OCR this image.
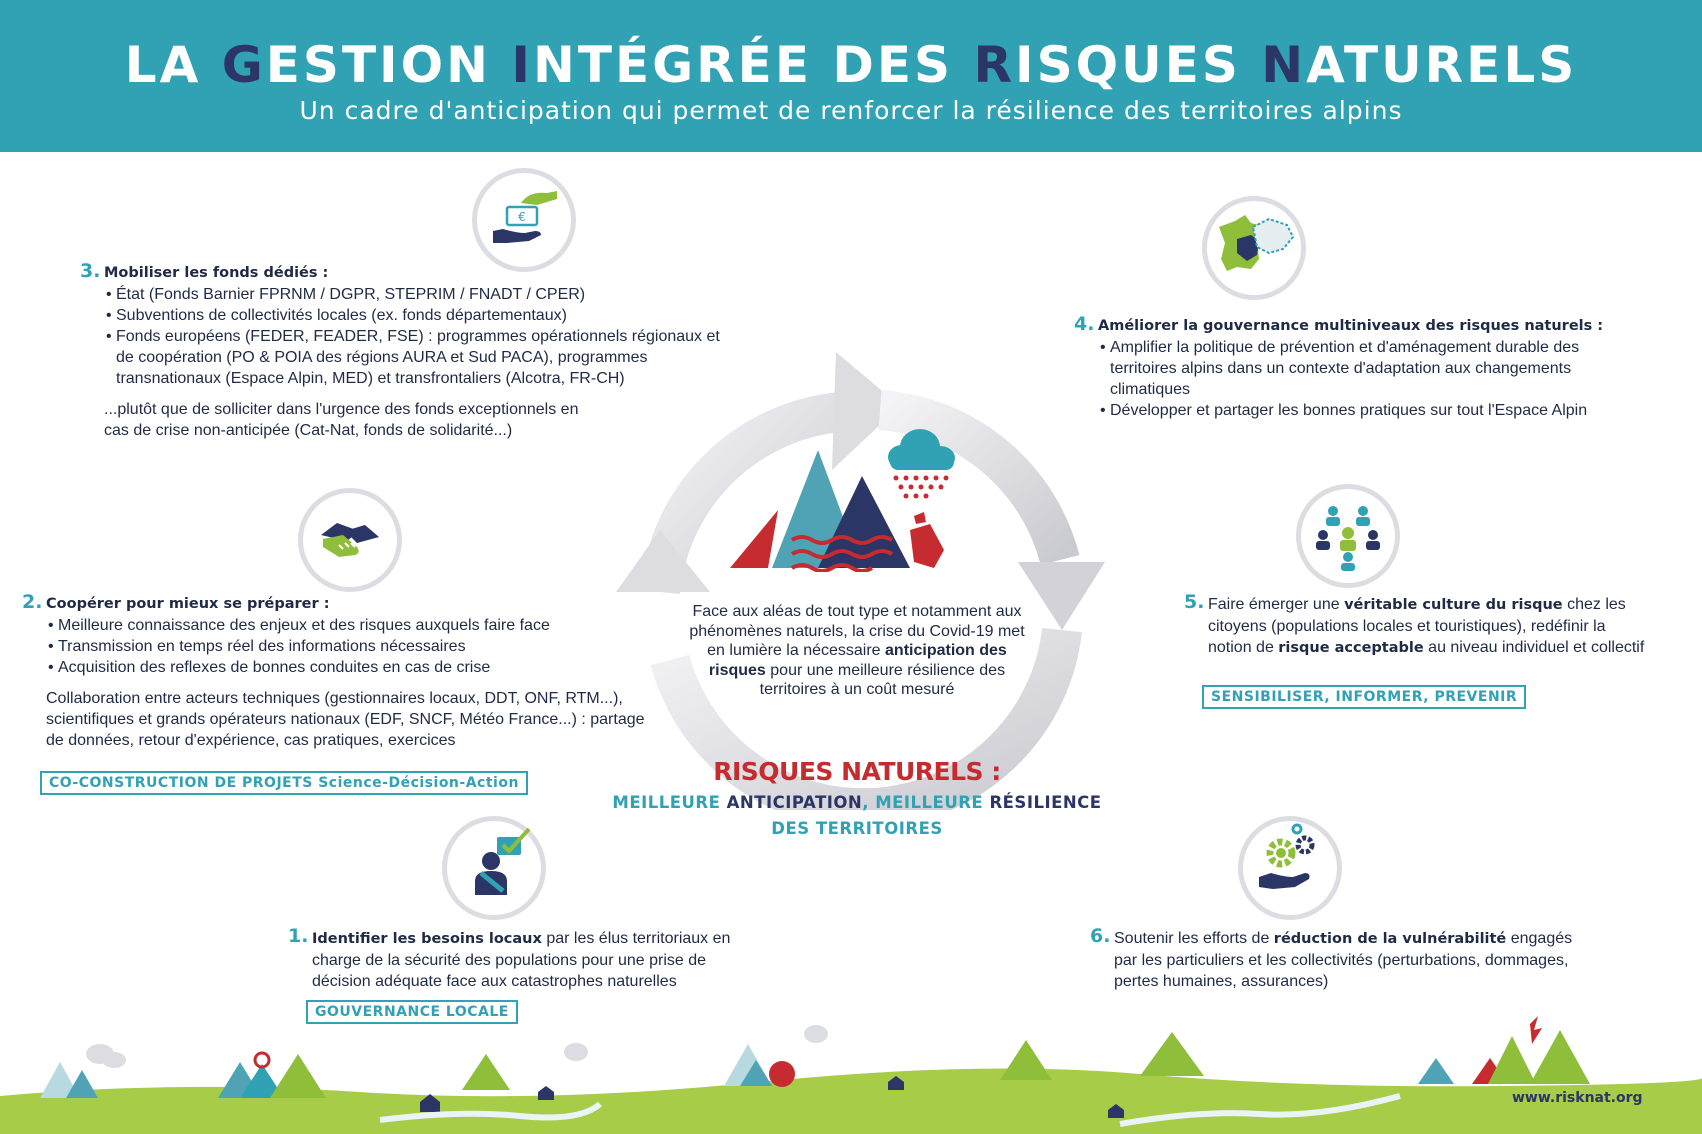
LA GESTION INTÉGRÉE DES RISQUES NATURELS
Un cadre d'anticipation qui permet de renforcer la résilience des territoires alpins
Face aux aléas de tout type et notamment aux phénomènes naturels, la crise du Covid-19 met en lumière la nécessaire anticipation des risques pour une meilleure résilience des territoires à un coût mesuré
RISQUES NATURELS :
MEILLEURE ANTICIPATION, MEILLEURE RÉSILIENCE
DES TERRITOIRES
€
3. Mobiliser les fonds dédiés :
• État (Fonds Barnier FPRNM / DGPR, STEPRIM / FNADT / CPER)
• Subventions de collectivités locales (ex. fonds départementaux)
• Fonds européens (FEDER, FEADER, FSE) : programmes opérationnels régionaux et de coopération (PO & POIA des régions AURA et Sud PACA), programmes transnationaux (Espace Alpin, MED) et transfrontaliers (Alcotra, FR-CH)

...plutôt que de solliciter dans l'urgence des fonds exceptionnels en cas de crise non-anticipée (Cat-Nat, fonds de solidarité...)

2. Coopérer pour mieux se préparer :
• Meilleure connaissance des enjeux et des risques auxquels faire face
• Transmission en temps réel des informations nécessaires
• Acquisition des reflexes de bonnes conduites en cas de crise

Collaboration entre acteurs techniques (gestionnaires locaux, DDT, ONF, RTM...), scientifiques et grands opérateurs nationaux (EDF, SNCF, Météo France...) : partage de données, retour d'expérience, cas pratiques, exercices

CO-CONSTRUCTION DE PROJETS Science-Décision-Action
1. Identifier les besoins locaux par les élus territoriaux en charge de la sécurité des populations pour une prise de décision adéquate face aux catastrophes naturelles
GOUVERNANCE LOCALE
4. Améliorer la gouvernance multiniveaux des risques naturels :
• Amplifier la politique de prévention et d'aménagement durable des territoires alpins dans un contexte d'adaptation aux changements climatiques
• Développer et partager les bonnes pratiques sur tout l'Espace Alpin
5. Faire émerger une véritable culture du risque chez les citoyens (populations locales et touristiques), redéfinir la notion de risque acceptable au niveau individuel et collectif
SENSIBILISER, INFORMER, PREVENIR
6. Soutenir les efforts de réduction de la vulnérabilité engagés par les particuliers et les collectivités (perturbations, dommages, pertes humaines, assurances)
www.risknat.org
